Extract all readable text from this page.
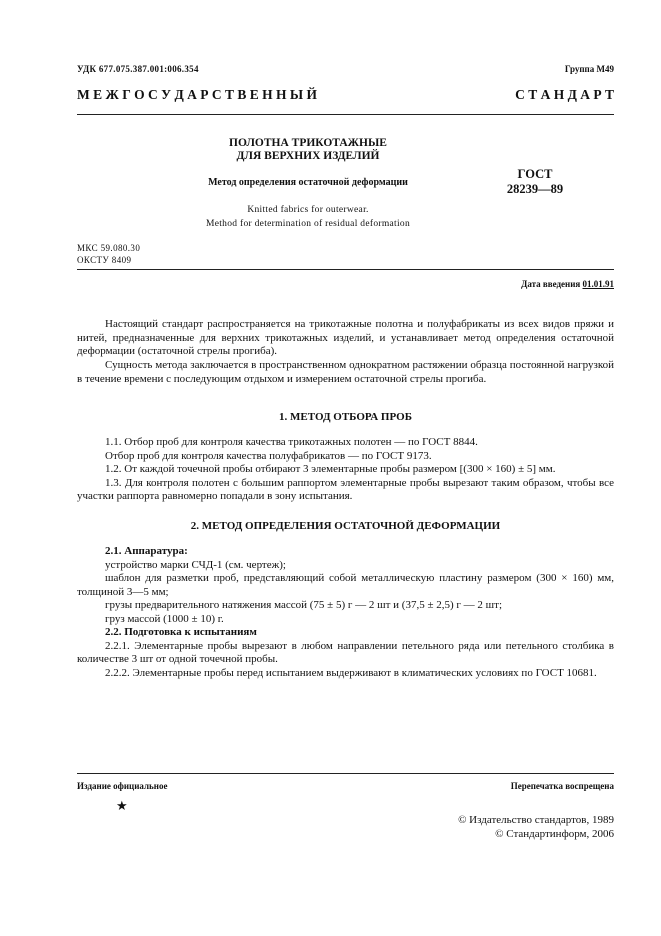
УДК 677.075.387.001:006.354	Группа М49
М Е Ж Г О С У Д А Р С Т В Е Н Н Ы Й	С Т А Н Д А Р Т
ПОЛОТНА ТРИКОТАЖНЫЕ
ДЛЯ ВЕРХНИХ ИЗДЕЛИЙ
Метод определения остаточной деформации
Knitted fabrics for outerwear.
Method for determination of residual deformation
ГОСТ
28239—89
МКС 59.080.30
ОКСТУ 8409
Дата введения 01.01.91

Настоящий стандарт распространяется на трикотажные полотна и полуфабрикаты из всех видов пряжи и нитей, предназначенные для верхних трикотажных изделий, и устанавливает метод определения остаточной деформации (остаточной стрелы прогиба).

Сущность метода заключается в пространственном однократном растяжении образца постоянной нагрузкой в течение времени с последующим отдыхом и измерением остаточной стрелы прогиба.

1. МЕТОД ОТБОРА ПРОБ

1.1. Отбор проб для контроля качества трикотажных полотен — по ГОСТ 8844.

Отбор проб для контроля качества полуфабрикатов — по ГОСТ 9173.

1.2. От каждой точечной пробы отбирают 3 элементарные пробы размером [(300 × 160) ± 5] мм.

1.3. Для контроля полотен с большим раппортом элементарные пробы вырезают таким образом, чтобы все участки раппорта равномерно попадали в зону испытания.

2. МЕТОД ОПРЕДЕЛЕНИЯ ОСТАТОЧНОЙ ДЕФОРМАЦИИ

2.1. Аппаратура:

устройство марки СЧД-1 (см. чертеж);

шаблон для разметки проб, представляющий собой металлическую пластину размером (300 × 160) мм, толщиной 3—5 мм;

грузы предварительного натяжения массой (75 ± 5) г — 2 шт и (37,5 ± 2,5) г — 2 шт;

груз массой (1000 ± 10) г.

2.2. Подготовка к испытаниям

2.2.1. Элементарные пробы вырезают в любом направлении петельного ряда или петельного столбика в количестве 3 шт от одной точечной пробы.

2.2.2. Элементарные пробы перед испытанием выдерживают в климатических условиях по ГОСТ 10681.

Издание официальное	Перепечатка воспрещена
★
© Издательство стандартов, 1989
© Стандартинформ, 2006
